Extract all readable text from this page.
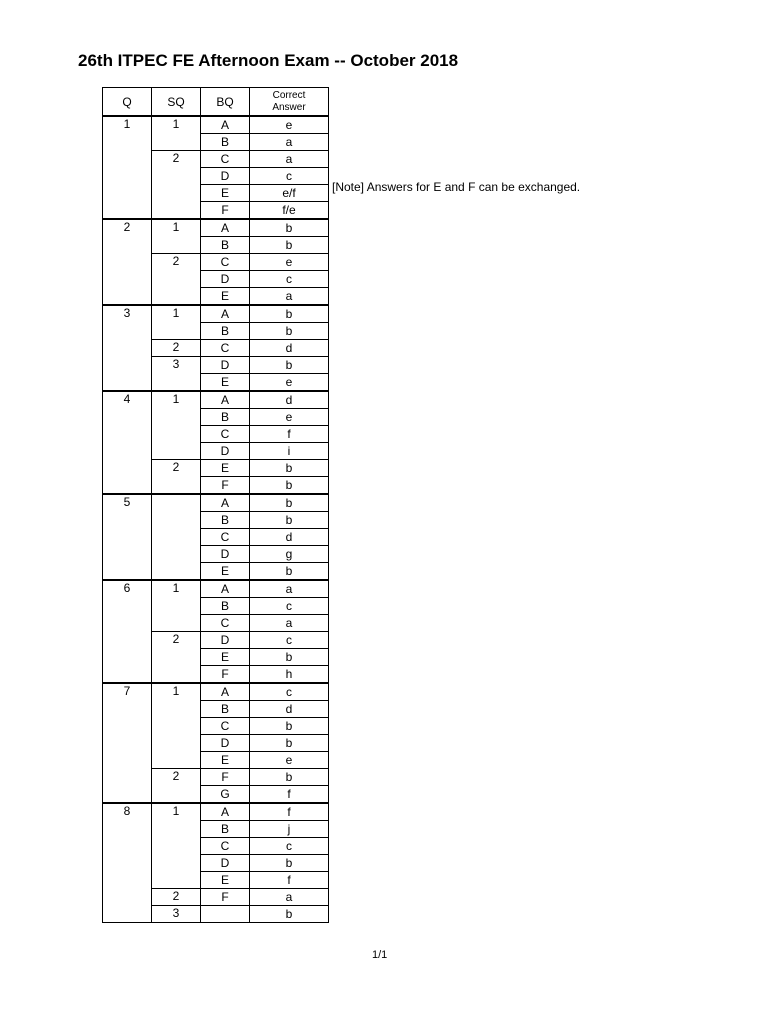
26th ITPEC FE Afternoon Exam -- October 2018
Q	SQ	BQ	Correct
Answer
1	1	A	e
		B	a
	2	C	a
		D	c
		E	e/f
		F	f/e
2	1	A	b
		B	b
	2	C	e
		D	c
		E	a
3	1	A	b
		B	b
	2	C	d
	3	D	b
		E	e
4	1	A	d
		B	e
		C	f
		D	i
	2	E	b
		F	b
5		A	b
		B	b
		C	d
		D	g
		E	b
6	1	A	a
		B	c
		C	a
	2	D	c
		E	b
		F	h
7	1	A	c
		B	d
		C	b
		D	b
		E	e
	2	F	b
		G	f
8	1	A	f
		B	j
		C	c
		D	b
		E	f
	2	F	a
	3		b
[Note] Answers for E and F can be exchanged.
1/1
